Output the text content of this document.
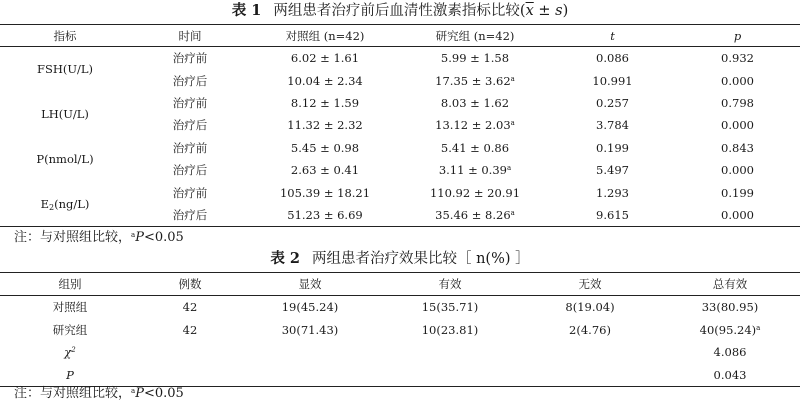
表 1 两组患者治疗前后血清性激素指标比较$(\overline{x} \pm s)$
指标	时间	对照组 (n=42)	研究组 (n=42)	t	p
FSH(U/L)	治疗前	6.02 ± 1.61	5.99 ± 1.58	0.086	0.932
	治疗后	10.04 ± 2.34	17.35 ± 3.62$^a$	10.991	0.000
LH(U/L)	治疗前	8.12 ± 1.59	8.03 ± 1.62	0.257	0.798
	治疗后	11.32 ± 2.32	13.12 ± 2.03$^a$	3.784	0.000
P(nmol/L)	治疗前	5.45 ± 0.98	5.41 ± 0.86	0.199	0.843
	治疗后	2.63 ± 0.41	3.11 ± 0.39$^a$	5.497	0.000
$E_2(ng/L)$	治疗前	105.39 ± 18.21	110.92 ± 20.91	1.293	0.199
	治疗后	51.23 ± 6.69	35.46 ± 8.26$^a$	9.615	0.000
注：与对照组比较，$^a$P<0.05
表 2 两组患者治疗效果比较［ n(%) ］
组别	例数	显效	有效	无效	总有效
对照组	42	19(45.24)	15(35.71)	8(19.04)	33(80.95)
研究组	42	30(71.43)	10(23.81)	2(4.76)	$40(95.24)^a$
$\chi^2$					4.086
P					0.043
注：与对照组比较，$^a$P<0.05
